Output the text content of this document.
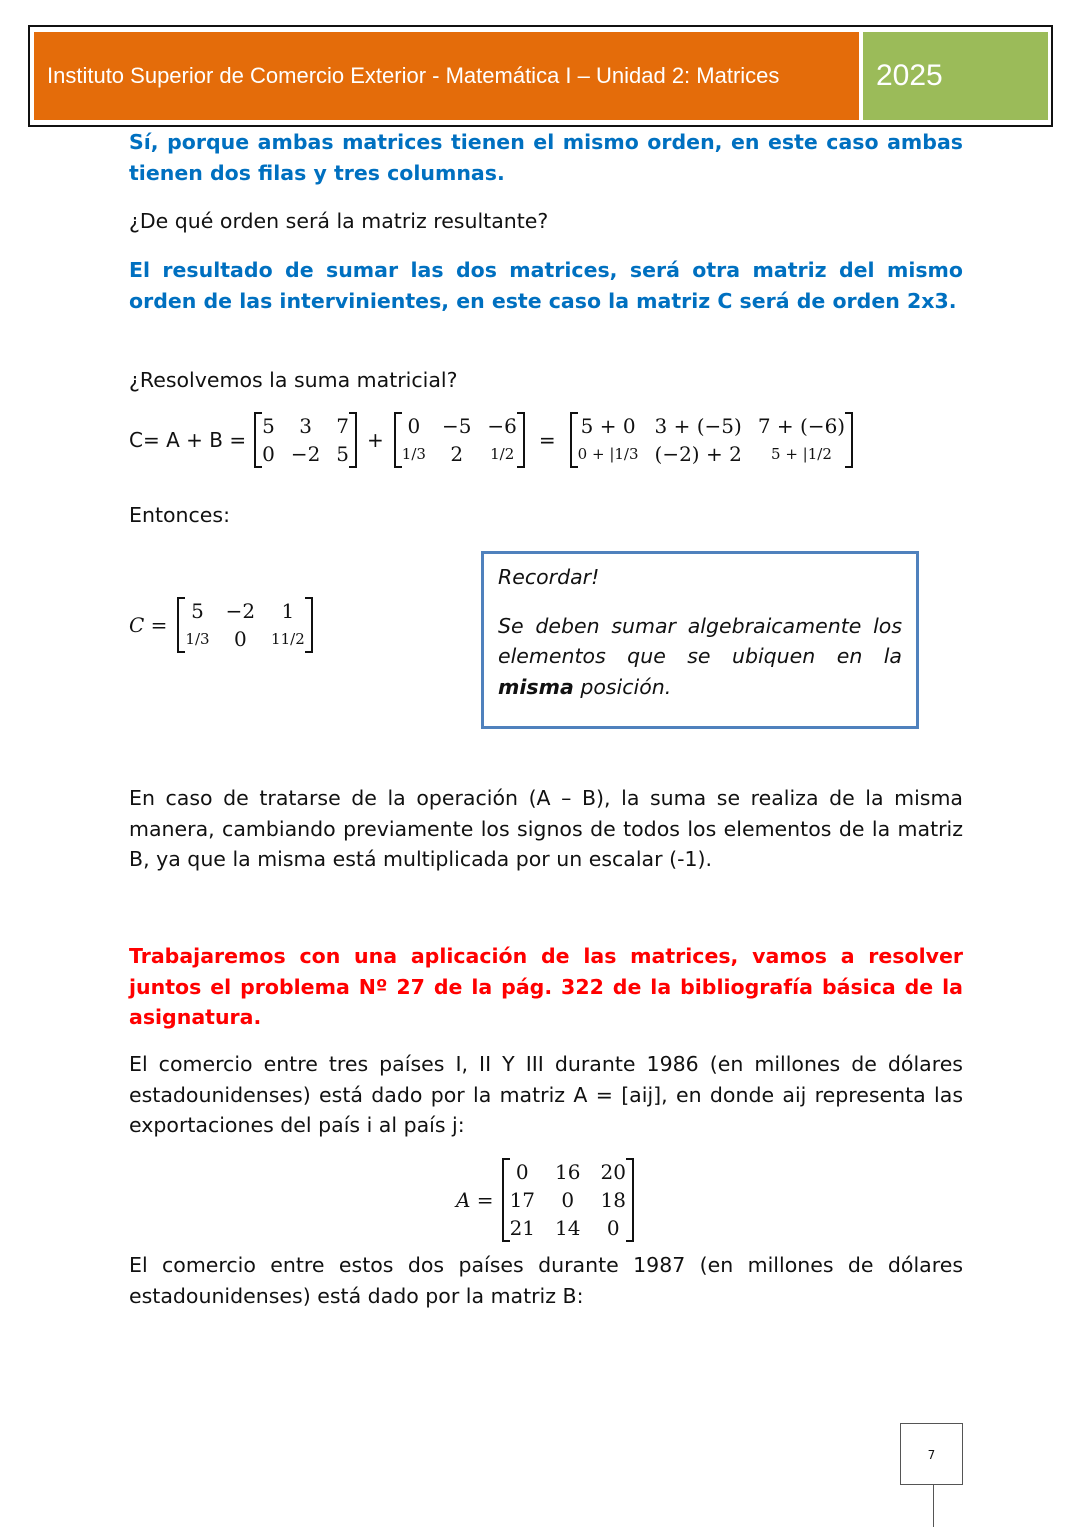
Instituto Superior de Comercio Exterior - Matemática I – Unidad 2: Matrices	2025

Sí, porque ambas matrices tienen el mismo orden, en este caso ambas tienen dos filas y tres columnas.

¿De qué orden será la matriz resultante?

El resultado de sumar las dos matrices, será otra matriz del mismo orden de las intervinientes, en este caso la matriz C será de orden 2x3.

¿Resolvemos la suma matricial?

C= A + B =
5 3 7
0 −2 5
+
0 −5 −6
1/3 2 1/2
=
5 + 0 3 + (−5) 7 + (−6)
0 + |1/3 (−2) + 2 5 + |1/2

Entonces:

C =
5 −2 1
1/3 0 11/2

Recordar!

Se deben sumar algebraicamente los elementos que se ubiquen en la misma posición.

En caso de tratarse de la operación (A – B), la suma se realiza de la misma manera, cambiando previamente los signos de todos los elementos de la matriz B, ya que la misma está multiplicada por un escalar (-1).

Trabajaremos con una aplicación de las matrices, vamos a resolver juntos el problema Nº 27 de la pág. 322 de la bibliografía básica de la asignatura.

El comercio entre tres países I, II Y III durante 1986 (en millones de dólares estadounidenses) está dado por la matriz A = [aij], en donde aij representa las exportaciones del país i al país j:

A =
0 16 20
17 0 18
21 14 0

El comercio entre estos dos países durante 1987 (en millones de dólares estadounidenses) está dado por la matriz B:

7
